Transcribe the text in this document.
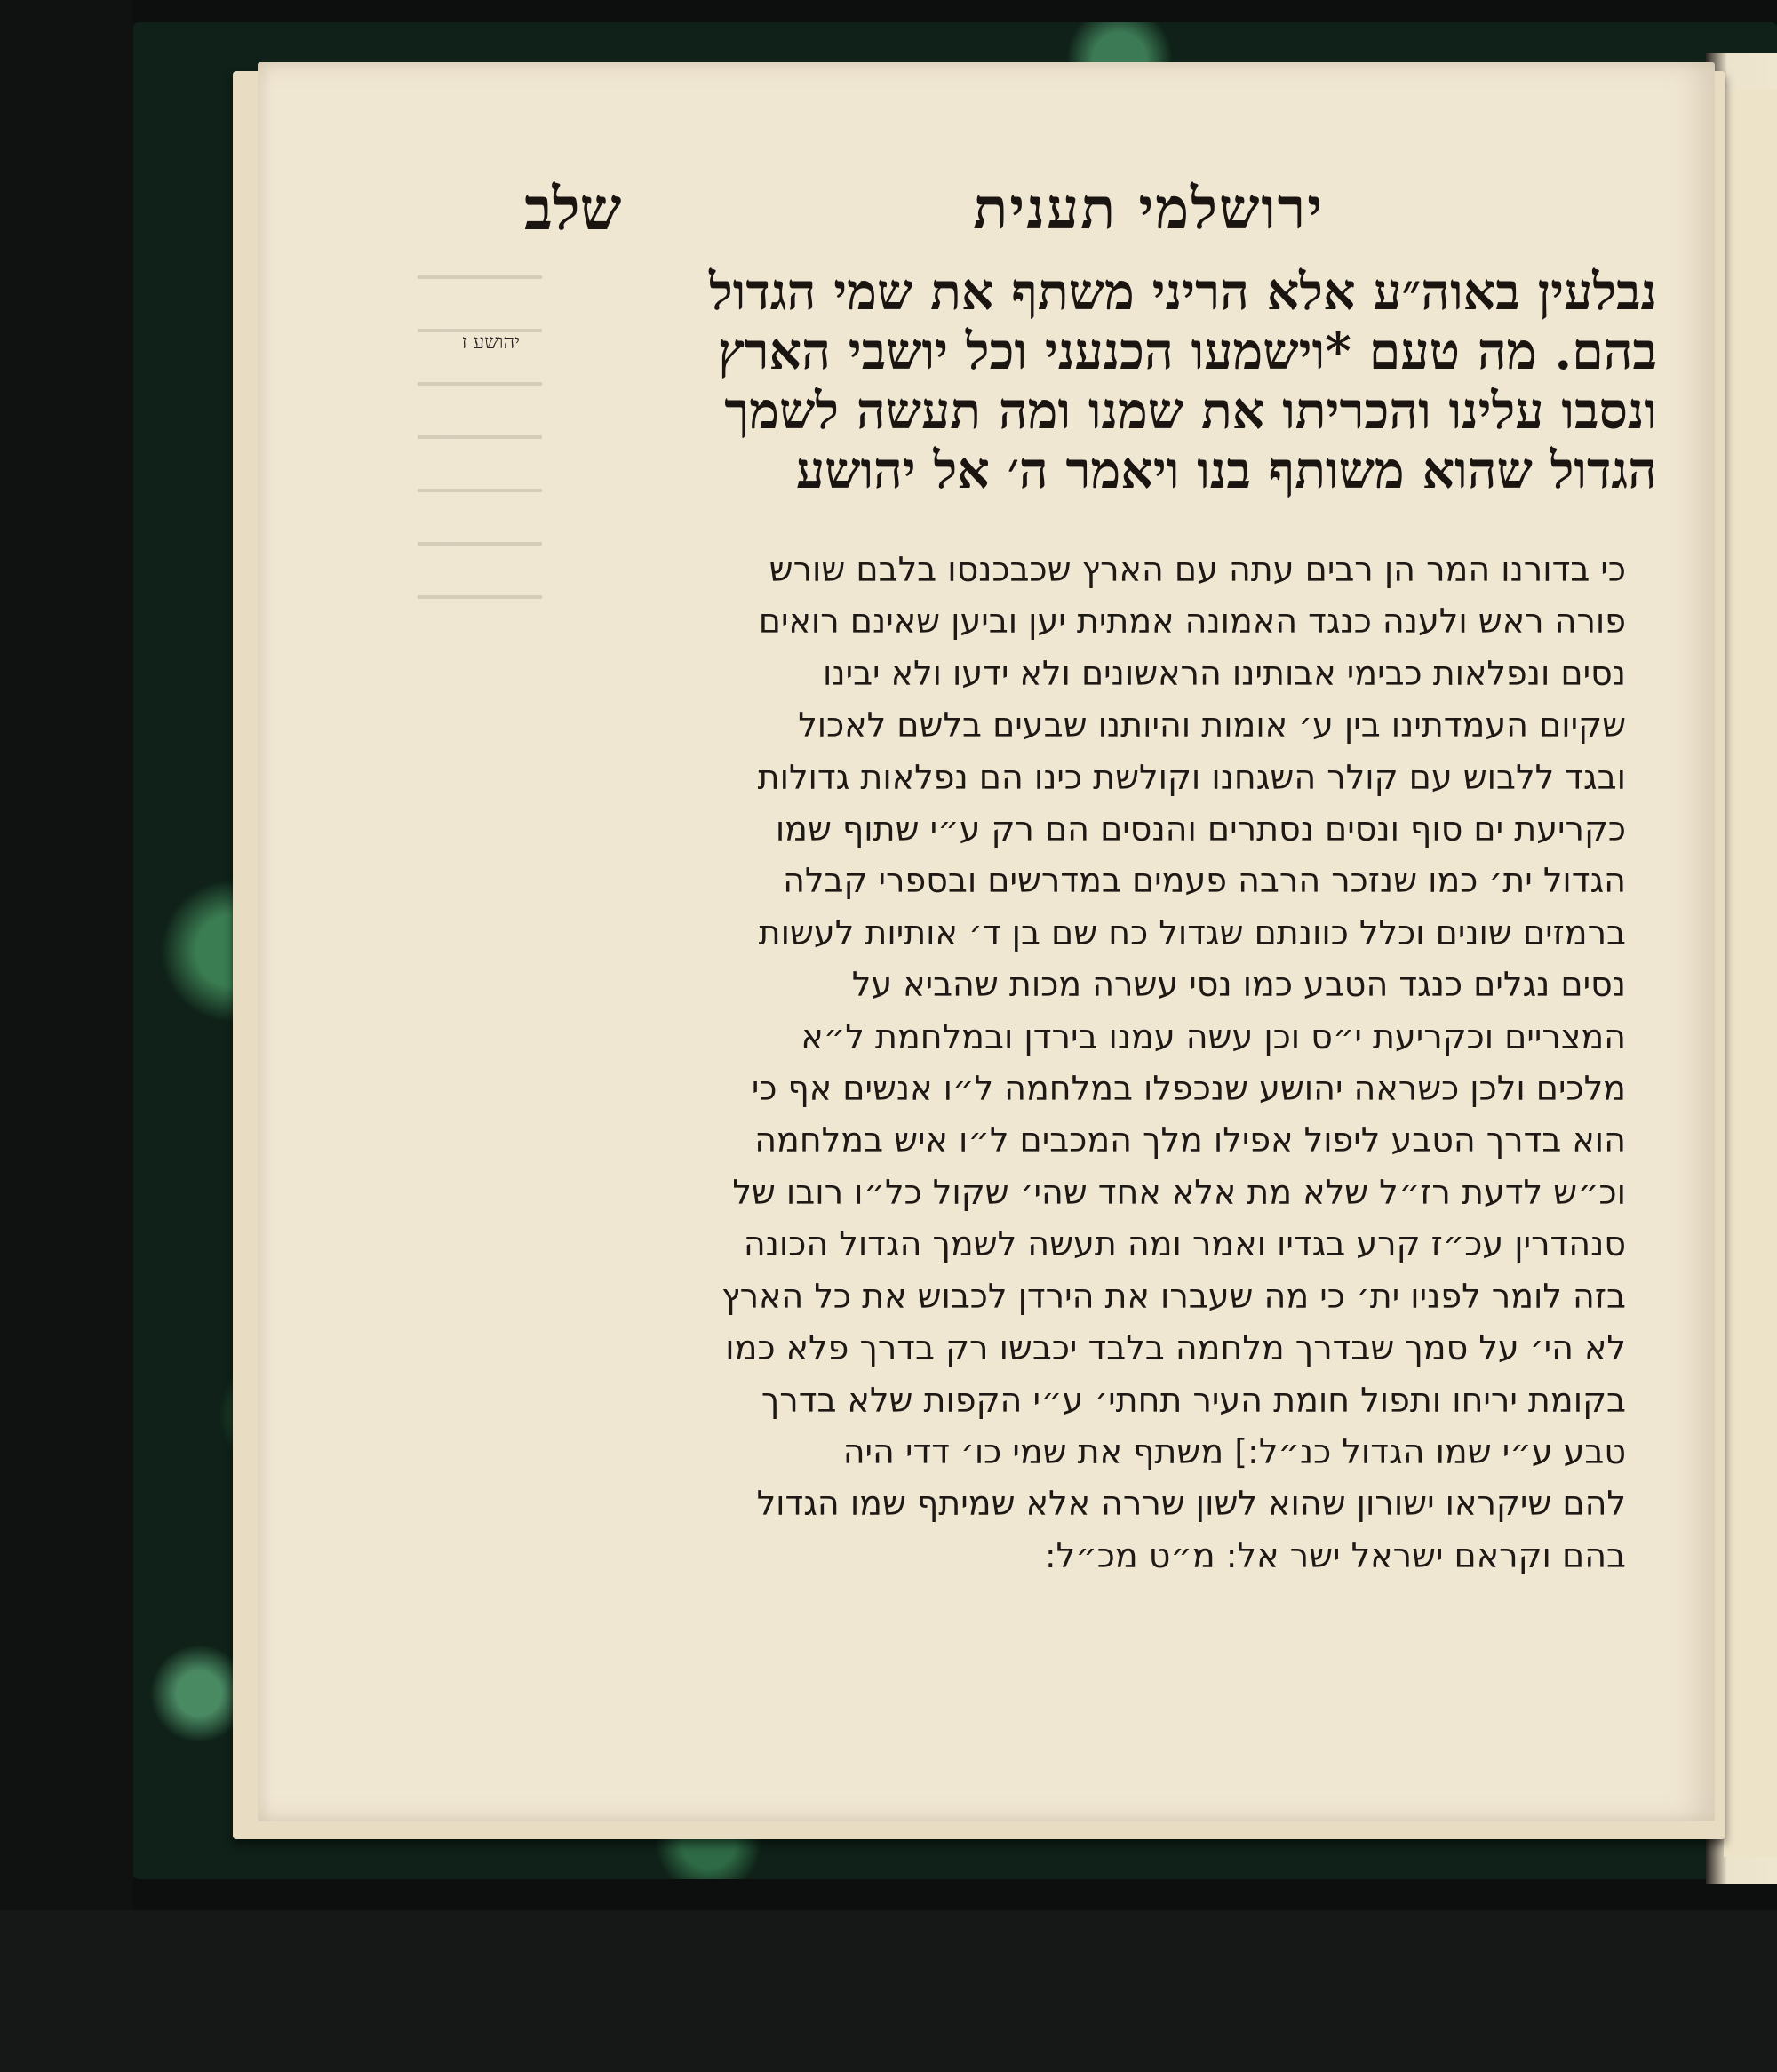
ירושלמי תענית
שלב
יהושע ז
נבלעין באוה״ע אלא הריני משתף את שמי הגדול
בהם. מה טעם *וישמעו הכנעני וכל יושבי הארץ
ונסבו עלינו והכריתו את שמנו ומה תעשה לשמך
הגדול שהוא משותף בנו ויאמר ה׳ אל יהושע
כי בדורנו המר הן רבים עתה עם הארץ שכבכנסו בלבם שורש
פורה ראש ולענה כנגד האמונה אמתית יען וביען שאינם רואים
נסים ונפלאות כבימי אבותינו הראשונים ולא ידעו ולא יבינו
שקיום העמדתינו בין ע׳ אומות והיותנו שבעים בלשם לאכול
ובגד ללבוש עם קולר השגחנו וקולשת כינו הם נפלאות גדולות
כקריעת ים סוף ונסים נסתרים והנסים הם רק ע״י שתוף שמו
הגדול ית׳ כמו שנזכר הרבה פעמים במדרשים ובספרי קבלה
ברמזים שונים וכלל כוונתם שגדול כח שם בן ד׳ אותיות לעשות
נסים נגלים כנגד הטבע כמו נסי עשרה מכות שהביא על
המצריים וכקריעת י״ס וכן עשה עמנו בירדן ובמלחמת ל״א
מלכים ולכן כשראה יהושע שנכפלו במלחמה ל״ו אנשים אף כי
הוא בדרך הטבע ליפול אפילו מלך המכבים ל״ו איש במלחמה
וכ״ש לדעת רז״ל שלא מת אלא אחד שהי׳ שקול כל״ו רובו של
סנהדרין עכ״ז קרע בגדיו ואמר ומה תעשה לשמך הגדול הכונה
בזה לומר לפניו ית׳ כי מה שעברו את הירדן לכבוש את כל הארץ
לא הי׳ על סמך שבדרך מלחמה בלבד יכבשו רק בדרך פלא כמו
בקומת יריחו ותפול חומת העיר תחתי׳ ע״י הקפות שלא בדרך
טבע ע״י שמו הגדול כנ״ל:] משתף את שמי כו׳ דדי היה
להם שיקראו ישורון שהוא לשון שררה אלא שמיתף שמו הגדול
בהם וקראם ישראל ישר אל: מ״ט מכ״ל:
